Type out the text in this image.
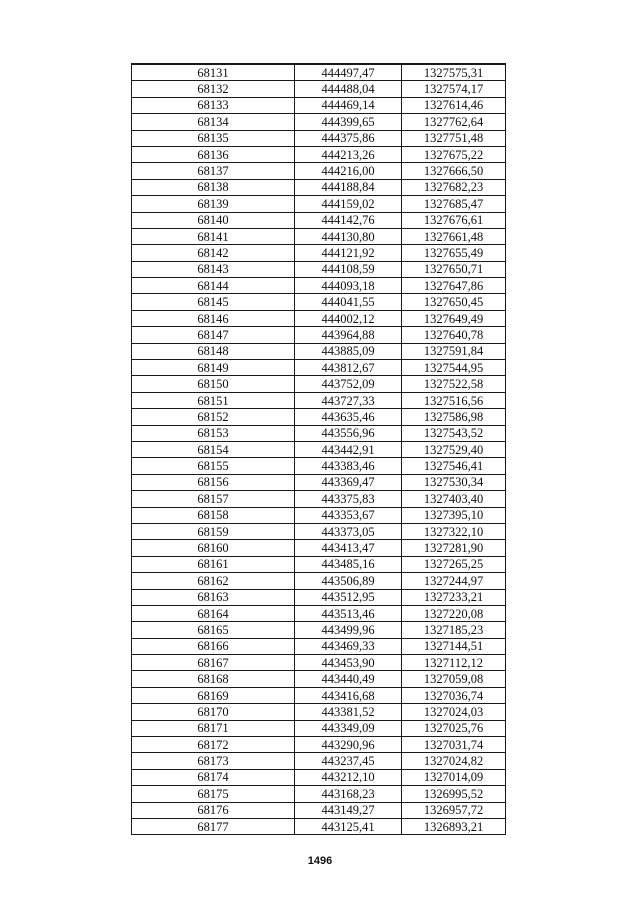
68131	444497,47	1327575,31
68132	444488,04	1327574,17
68133	444469,14	1327614,46
68134	444399,65	1327762,64
68135	444375,86	1327751,48
68136	444213,26	1327675,22
68137	444216,00	1327666,50
68138	444188,84	1327682,23
68139	444159,02	1327685,47
68140	444142,76	1327676,61
68141	444130,80	1327661,48
68142	444121,92	1327655,49
68143	444108,59	1327650,71
68144	444093,18	1327647,86
68145	444041,55	1327650,45
68146	444002,12	1327649,49
68147	443964,88	1327640,78
68148	443885,09	1327591,84
68149	443812,67	1327544,95
68150	443752,09	1327522,58
68151	443727,33	1327516,56
68152	443635,46	1327586,98
68153	443556,96	1327543,52
68154	443442,91	1327529,40
68155	443383,46	1327546,41
68156	443369,47	1327530,34
68157	443375,83	1327403,40
68158	443353,67	1327395,10
68159	443373,05	1327322,10
68160	443413,47	1327281,90
68161	443485,16	1327265,25
68162	443506,89	1327244,97
68163	443512,95	1327233,21
68164	443513,46	1327220,08
68165	443499,96	1327185,23
68166	443469,33	1327144,51
68167	443453,90	1327112,12
68168	443440,49	1327059,08
68169	443416,68	1327036,74
68170	443381,52	1327024,03
68171	443349,09	1327025,76
68172	443290,96	1327031,74
68173	443237,45	1327024,82
68174	443212,10	1327014,09
68175	443168,23	1326995,52
68176	443149,27	1326957,72
68177	443125,41	1326893,21
1496
